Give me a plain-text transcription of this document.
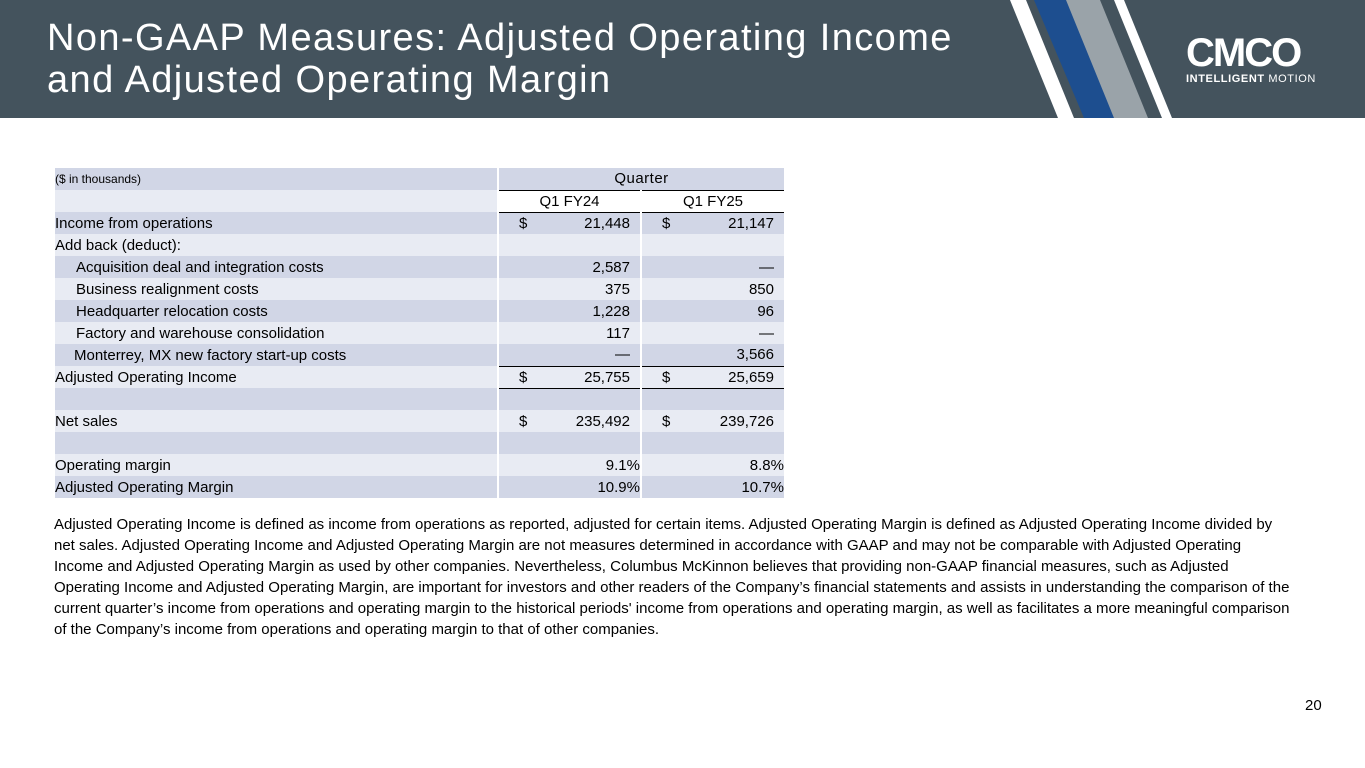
Non-GAAP Measures: Adjusted Operating Income
and Adjusted Operating Margin
CMCO
INTELLIGENT MOTION
($ in thousands)	Quarter	
	Q1 FY24	Q1 FY25
Income from operations	$ 21,448	$ 21,147

Add back (deduct):	

Acquisition deal and integration costs	2,587	—

Business realignment costs	375	850

Headquarter relocation costs	1,228	96

Factory and warehouse consolidation	117	—

Monterrey, MX new factory start-up costs	—	3,566

Adjusted Operating Income	$ 25,755	$ 25,659

Net sales	$ 235,492	$ 239,726

Operating margin	9.1%	8.8%

Adjusted Operating Margin	10.9%	10.7%
Adjusted Operating Income is defined as income from operations as reported, adjusted for certain items. Adjusted Operating Margin is defined as Adjusted Operating Income divided by net sales. Adjusted Operating Income and Adjusted Operating Margin are not measures determined in accordance with GAAP and may not be comparable with Adjusted Operating Income and Adjusted Operating Margin as used by other companies. Nevertheless, Columbus McKinnon believes that providing non-GAAP financial measures, such as Adjusted Operating Income and Adjusted Operating Margin, are important for investors and other readers of the Company’s financial statements and assists in understanding the comparison of the current quarter’s income from operations and operating margin to the historical periods' income from operations and operating margin, as well as facilitates a more meaningful comparison of the Company’s income from operations and operating margin to that of other companies.
20
